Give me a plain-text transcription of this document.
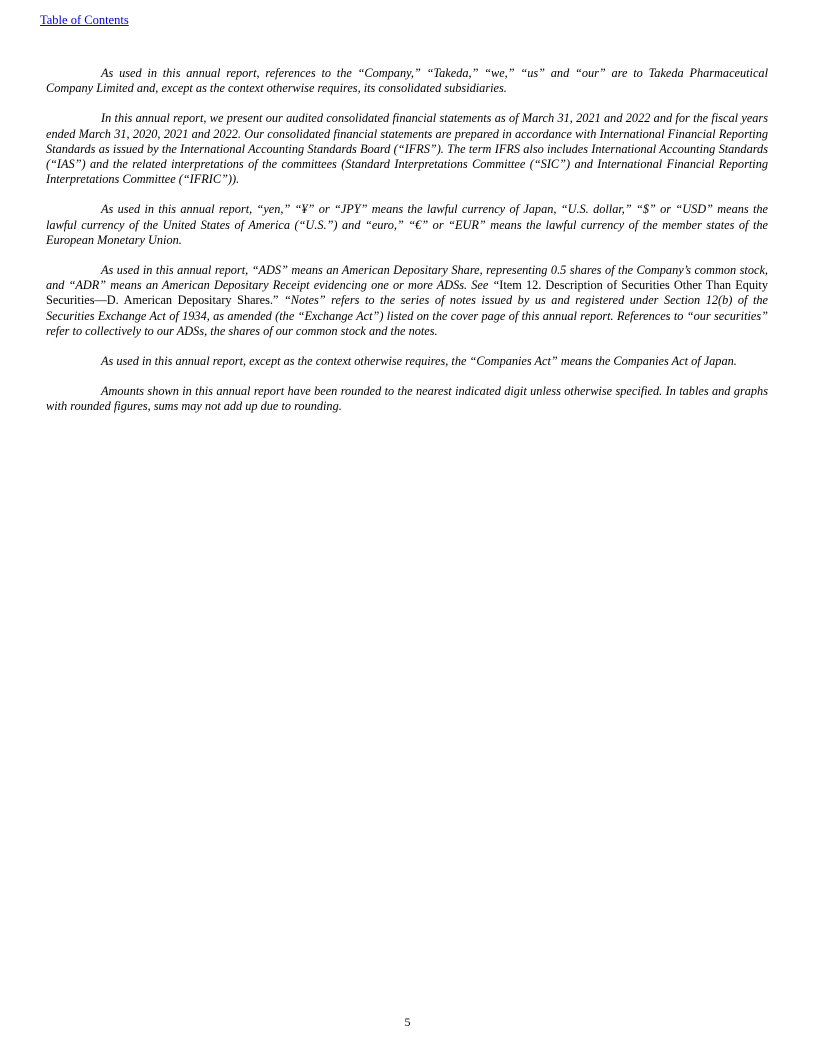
Table of Contents

As used in this annual report, references to the “Company,” “Takeda,” “we,” “us” and “our” are to Takeda Pharmaceutical Company Limited and, except as the context otherwise requires, its consolidated subsidiaries.

In this annual report, we present our audited consolidated financial statements as of March 31, 2021 and 2022 and for the fiscal years ended March 31, 2020, 2021 and 2022. Our consolidated financial statements are prepared in accordance with International Financial Reporting Standards as issued by the International Accounting Standards Board (“IFRS”). The term IFRS also includes International Accounting Standards (“IAS”) and the related interpretations of the committees (Standard Interpretations Committee (“SIC”) and International Financial Reporting Interpretations Committee (“IFRIC”)).

As used in this annual report, “yen,” “¥” or “JPY” means the lawful currency of Japan, “U.S. dollar,” “$” or “USD” means the lawful currency of the United States of America (“U.S.”) and “euro,” “€” or “EUR” means the lawful currency of the member states of the European Monetary Union.

As used in this annual report, “ADS” means an American Depositary Share, representing 0.5 shares of the Company’s common stock, and “ADR” means an American Depositary Receipt evidencing one or more ADSs. See “Item 12. Description of Securities Other Than Equity Securities—D. American Depositary Shares.” “Notes” refers to the series of notes issued by us and registered under Section 12(b) of the Securities Exchange Act of 1934, as amended (the “Exchange Act”) listed on the cover page of this annual report. References to “our securities” refer to collectively to our ADSs, the shares of our common stock and the notes.

As used in this annual report, except as the context otherwise requires, the “Companies Act” means the Companies Act of Japan.

Amounts shown in this annual report have been rounded to the nearest indicated digit unless otherwise specified. In tables and graphs with rounded figures, sums may not add up due to rounding.

5
